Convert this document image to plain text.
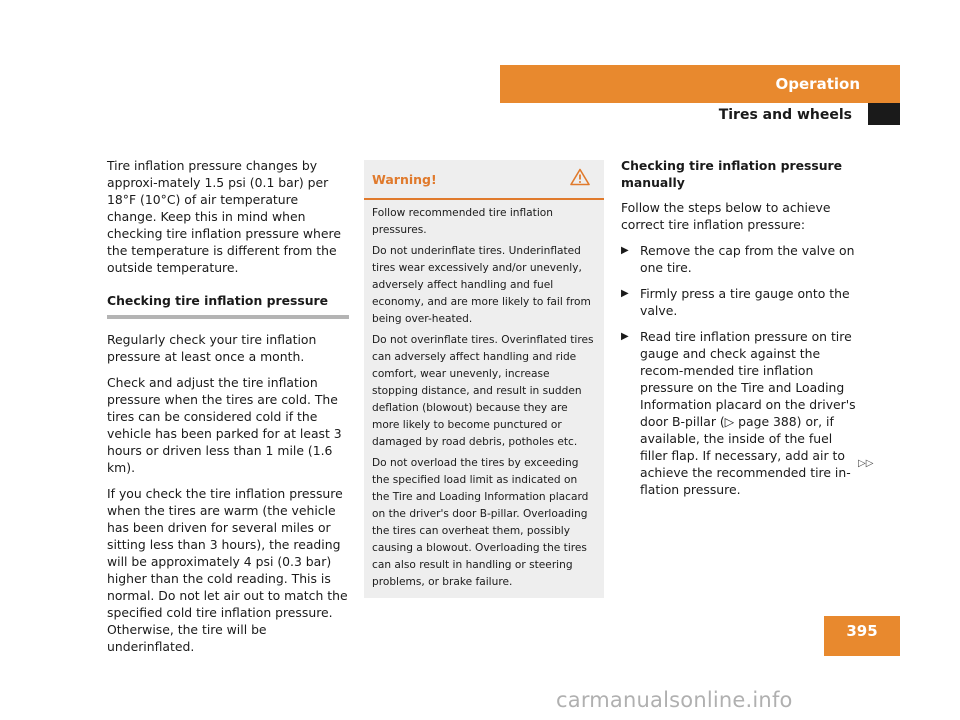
Operation
Tires and wheels

Tire inflation pressure changes by approxi-mately 1.5 psi (0.1 bar) per 18°F (10°C) of air temperature change. Keep this in mind when checking tire inflation pressure where the temperature is different from the outside temperature.

Checking tire inflation pressure

Regularly check your tire inflation pressure at least once a month.

Check and adjust the tire inflation pressure when the tires are cold. The tires can be considered cold if the vehicle has been parked for at least 3 hours or driven less than 1 mile (1.6 km).

If you check the tire inflation pressure when the tires are warm (the vehicle has been driven for several miles or sitting less than 3 hours), the reading will be approximately 4 psi (0.3 bar) higher than the cold reading. This is normal. Do not let air out to match the specified cold tire inflation pressure. Otherwise, the tire will be underinflated.

Warning!

Follow recommended tire inflation pressures.

Do not underinflate tires. Underinflated tires wear excessively and/or unevenly, adversely affect handling and fuel economy, and are more likely to fail from being over-heated.

Do not overinflate tires. Overinflated tires can adversely affect handling and ride comfort, wear unevenly, increase stopping distance, and result in sudden deflation (blowout) because they are more likely to become punctured or damaged by road debris, potholes etc.

Do not overload the tires by exceeding the specified load limit as indicated on the Tire and Loading Information placard on the driver's door B-pillar. Overloading the tires can overheat them, possibly causing a blowout. Overloading the tires can also result in handling or steering problems, or brake failure.

Checking tire inflation pressure manually

Follow the steps below to achieve correct tire inflation pressure:

▶ Remove the cap from the valve on one tire.
▶ Firmly press a tire gauge onto the valve.
▶ Read tire inflation pressure on tire gauge and check against the recom-mended tire inflation pressure on the Tire and Loading Information placard on the driver's door B-pillar (▷ page 388) or, if available, the inside of the fuel filler flap. If necessary, add air to achieve the recommended tire in-flation pressure.
▷▷
395
carmanualsonline.info
